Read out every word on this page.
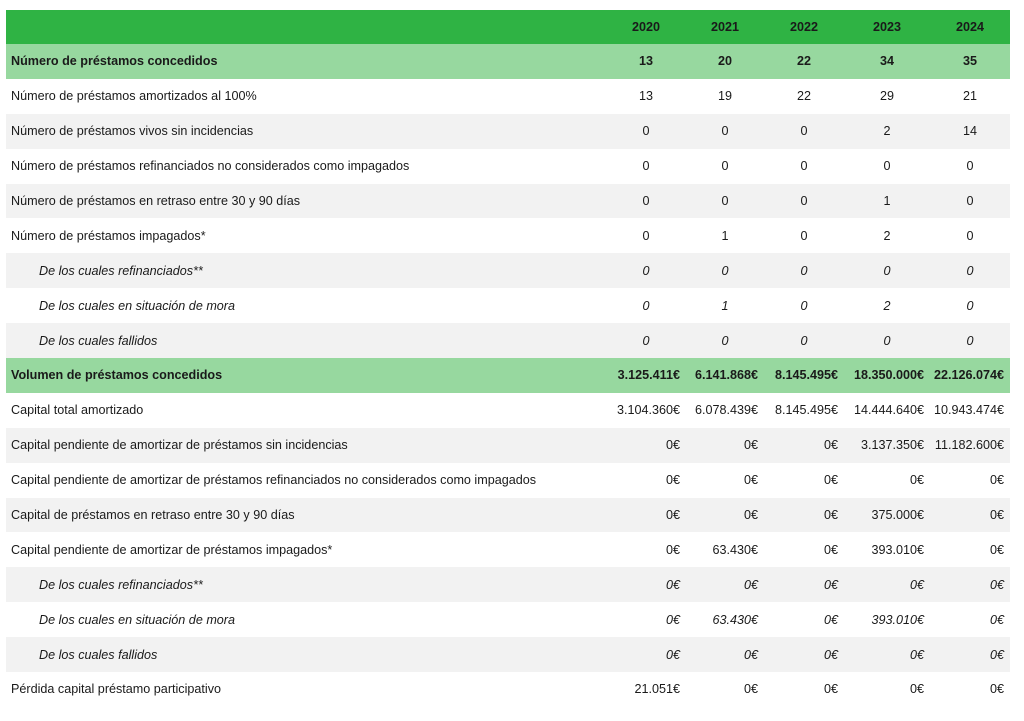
	2020	2021	2022	2023	2024
Número de préstamos concedidos	13	20	22	34	35
Número de préstamos amortizados al 100%	13	19	22	29	21
Número de préstamos vivos sin incidencias	0	0	0	2	14
Número de préstamos refinanciados no considerados como impagados	0	0	0	0	0
Número de préstamos en retraso entre 30 y 90 días	0	0	0	1	0
Número de préstamos impagados*	0	1	0	2	0
De los cuales refinanciados**	0	0	0	0	0
De los cuales en situación de mora	0	1	0	2	0
De los cuales fallidos	0	0	0	0	0
Volumen de préstamos concedidos	3.125.411€	6.141.868€	8.145.495€	18.350.000€	22.126.074€
Capital total amortizado	3.104.360€	6.078.439€	8.145.495€	14.444.640€	10.943.474€
Capital pendiente de amortizar de préstamos sin incidencias	0€	0€	0€	3.137.350€	11.182.600€
Capital pendiente de amortizar de préstamos refinanciados no considerados como impagados	0€	0€	0€	0€	0€
Capital de préstamos en retraso entre 30 y 90 días	0€	0€	0€	375.000€	0€
Capital pendiente de amortizar de préstamos impagados*	0€	63.430€	0€	393.010€	0€
De los cuales refinanciados**	0€	0€	0€	0€	0€
De los cuales en situación de mora	0€	63.430€	0€	393.010€	0€
De los cuales fallidos	0€	0€	0€	0€	0€
Pérdida capital préstamo participativo	21.051€	0€	0€	0€	0€
